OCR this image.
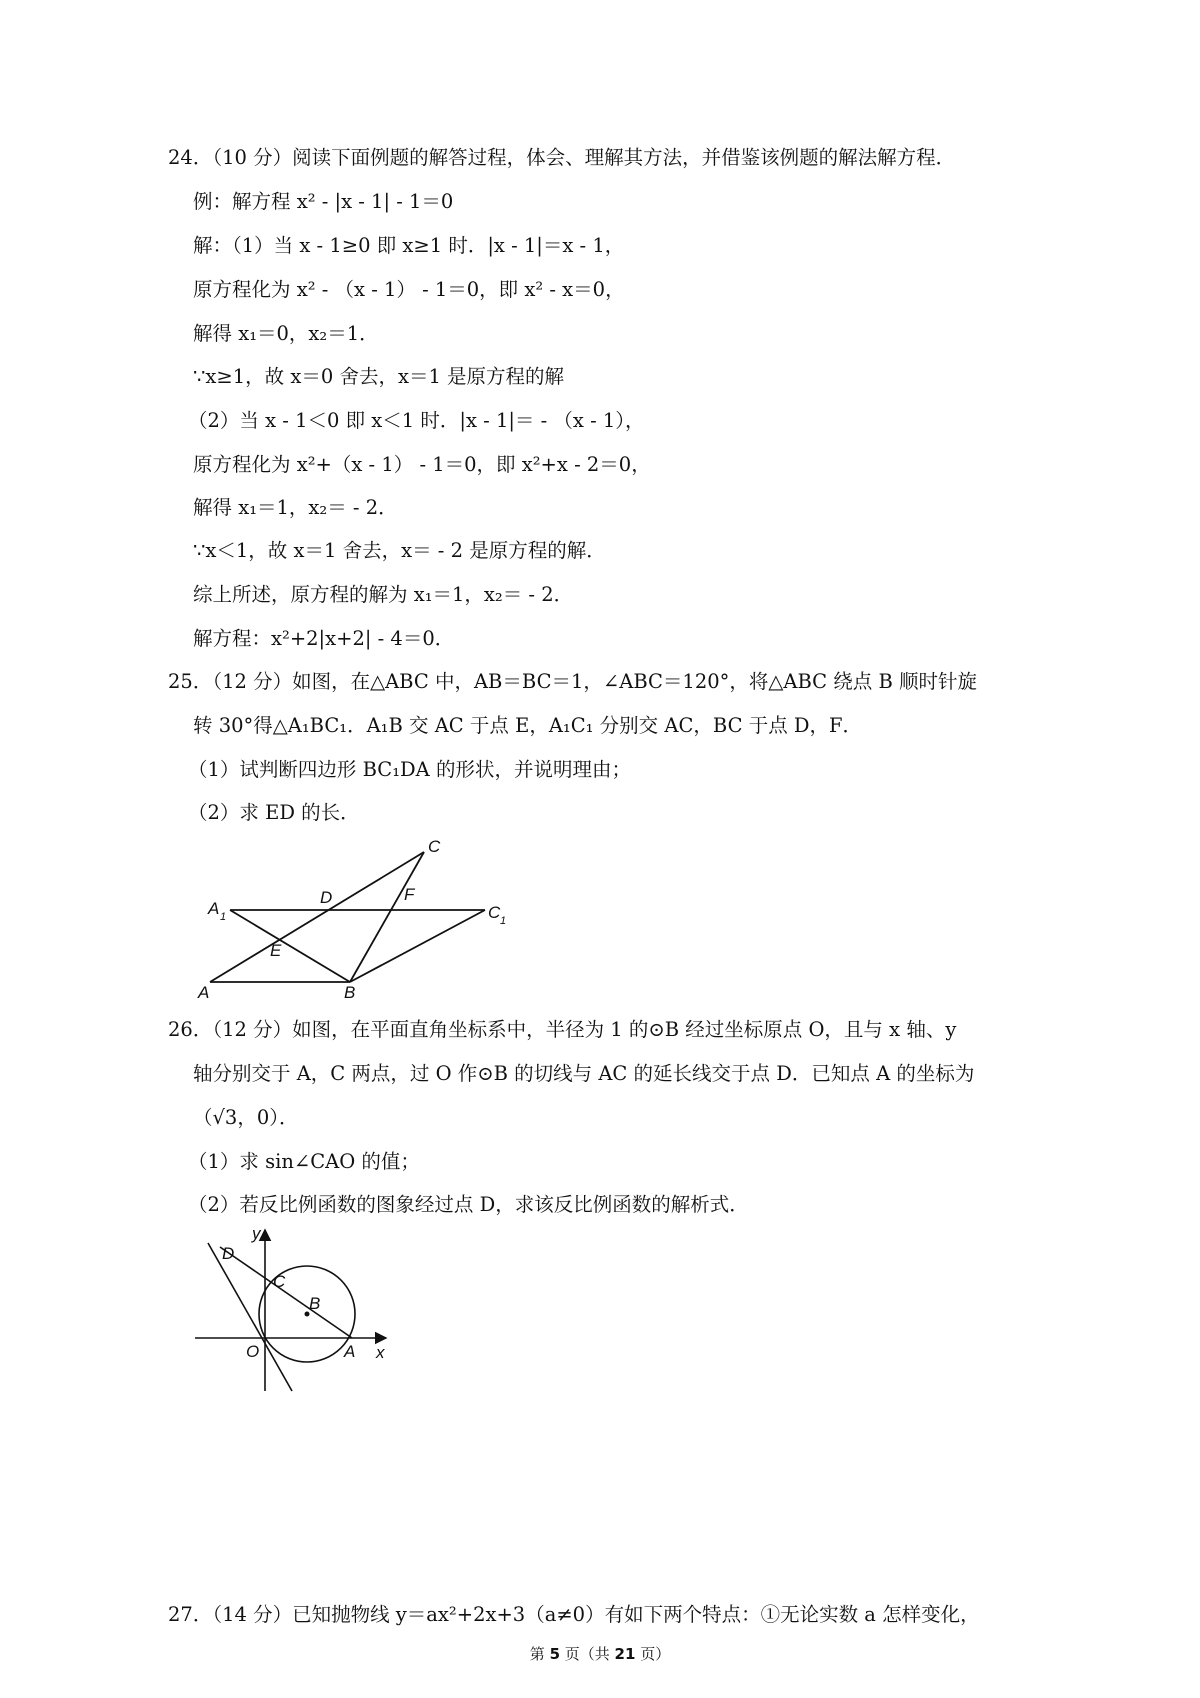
24．（10 分）阅读下面例题的解答过程，体会、理解其方法，并借鉴该例题的解法解方程．
例：解方程 x² - |x - 1| - 1＝0
解：（1）当 x - 1≥0 即 x≥1 时．|x - 1|＝x - 1，
原方程化为 x² - （x - 1） - 1＝0，即 x² - x＝0，
解得 x₁＝0，x₂＝1．
∵x≥1，故 x＝0 舍去，x＝1 是原方程的解
（2）当 x - 1＜0 即 x＜1 时．|x - 1|＝ - （x - 1），
原方程化为 x²+（x - 1） - 1＝0，即 x²+x - 2＝0，
解得 x₁＝1，x₂＝ - 2．
∵x＜1，故 x＝1 舍去，x＝ - 2 是原方程的解．
综上所述，原方程的解为 x₁＝1，x₂＝ - 2．
解方程：x²+2|x+2| - 4＝0．
25．（12 分）如图，在△ABC 中，AB＝BC＝1，∠ABC＝120°，将△ABC 绕点 B 顺时针旋
转 30°得△A₁BC₁．A₁B 交 AC 于点 E，A₁C₁ 分别交 AC，BC 于点 D，F．
（1）试判断四边形 BC₁DA 的形状，并说明理由；
（2）求 ED 的长．
A
A 1
B
C
C 1
D
E
F
26．（12 分）如图，在平面直角坐标系中，半径为 1 的⊙B 经过坐标原点 O，且与 x 轴、y
轴分别交于 A，C 两点，过 O 作⊙B 的切线与 AC 的延长线交于点 D．已知点 A 的坐标为
（√3，0）．
（1）求 sin∠CAO 的值；
（2）若反比例函数的图象经过点 D，求该反比例函数的解析式．
y
x
O	A
B
C
D
27．（14 分）已知抛物线 y＝ax²+2x+3（a≠0）有如下两个特点：①无论实数 a 怎样变化，
第 5 页（共 21 页）
